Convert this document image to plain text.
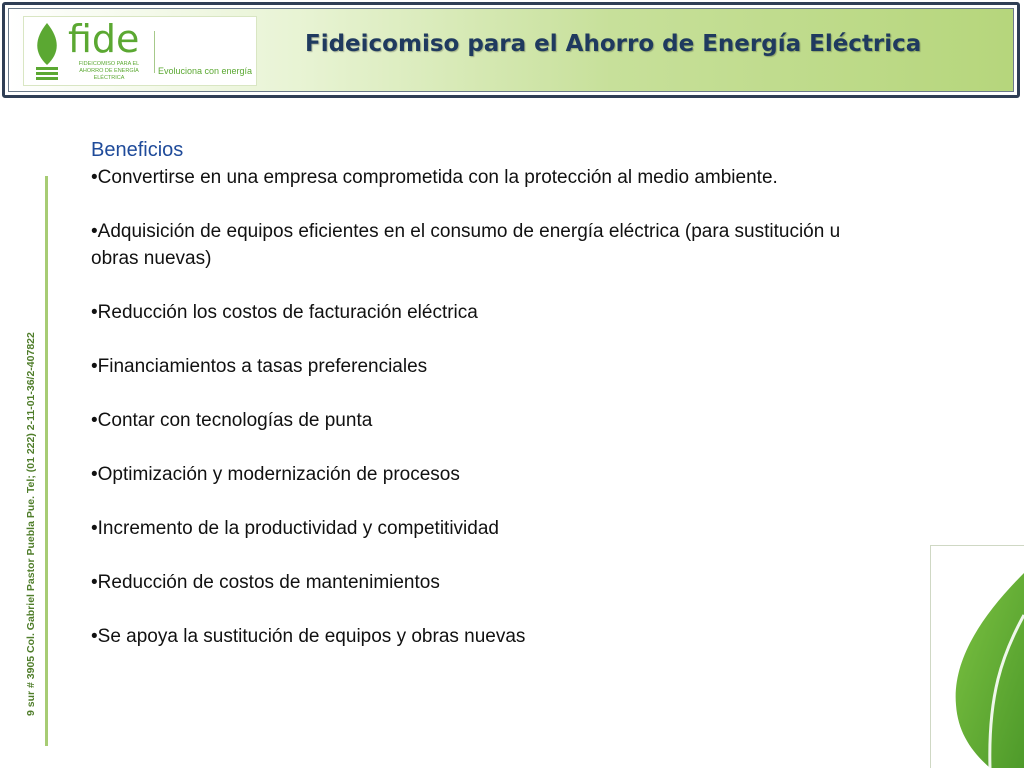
fide
FIDEICOMISO PARA EL AHORRO DE ENERGÍA ELÉCTRICA
Evoluciona con energía
Fideicomiso para el Ahorro de Energía Eléctrica
9 sur # 3905 Col. Gabriel Pastor Puebla Pue. Tel; (01 222) 2-11-01-36/2-407822
Beneficios
•Convertirse en una empresa comprometida con la protección al medio ambiente.
•Adquisición de equipos eficientes en el consumo de energía eléctrica (para sustitución u obras nuevas)
•Reducción los costos de facturación eléctrica
•Financiamientos a tasas preferenciales
•Contar con tecnologías de punta
•Optimización y modernización de procesos
•Incremento de la productividad y competitividad
•Reducción de costos de mantenimientos
•Se apoya la sustitución de equipos y obras nuevas
